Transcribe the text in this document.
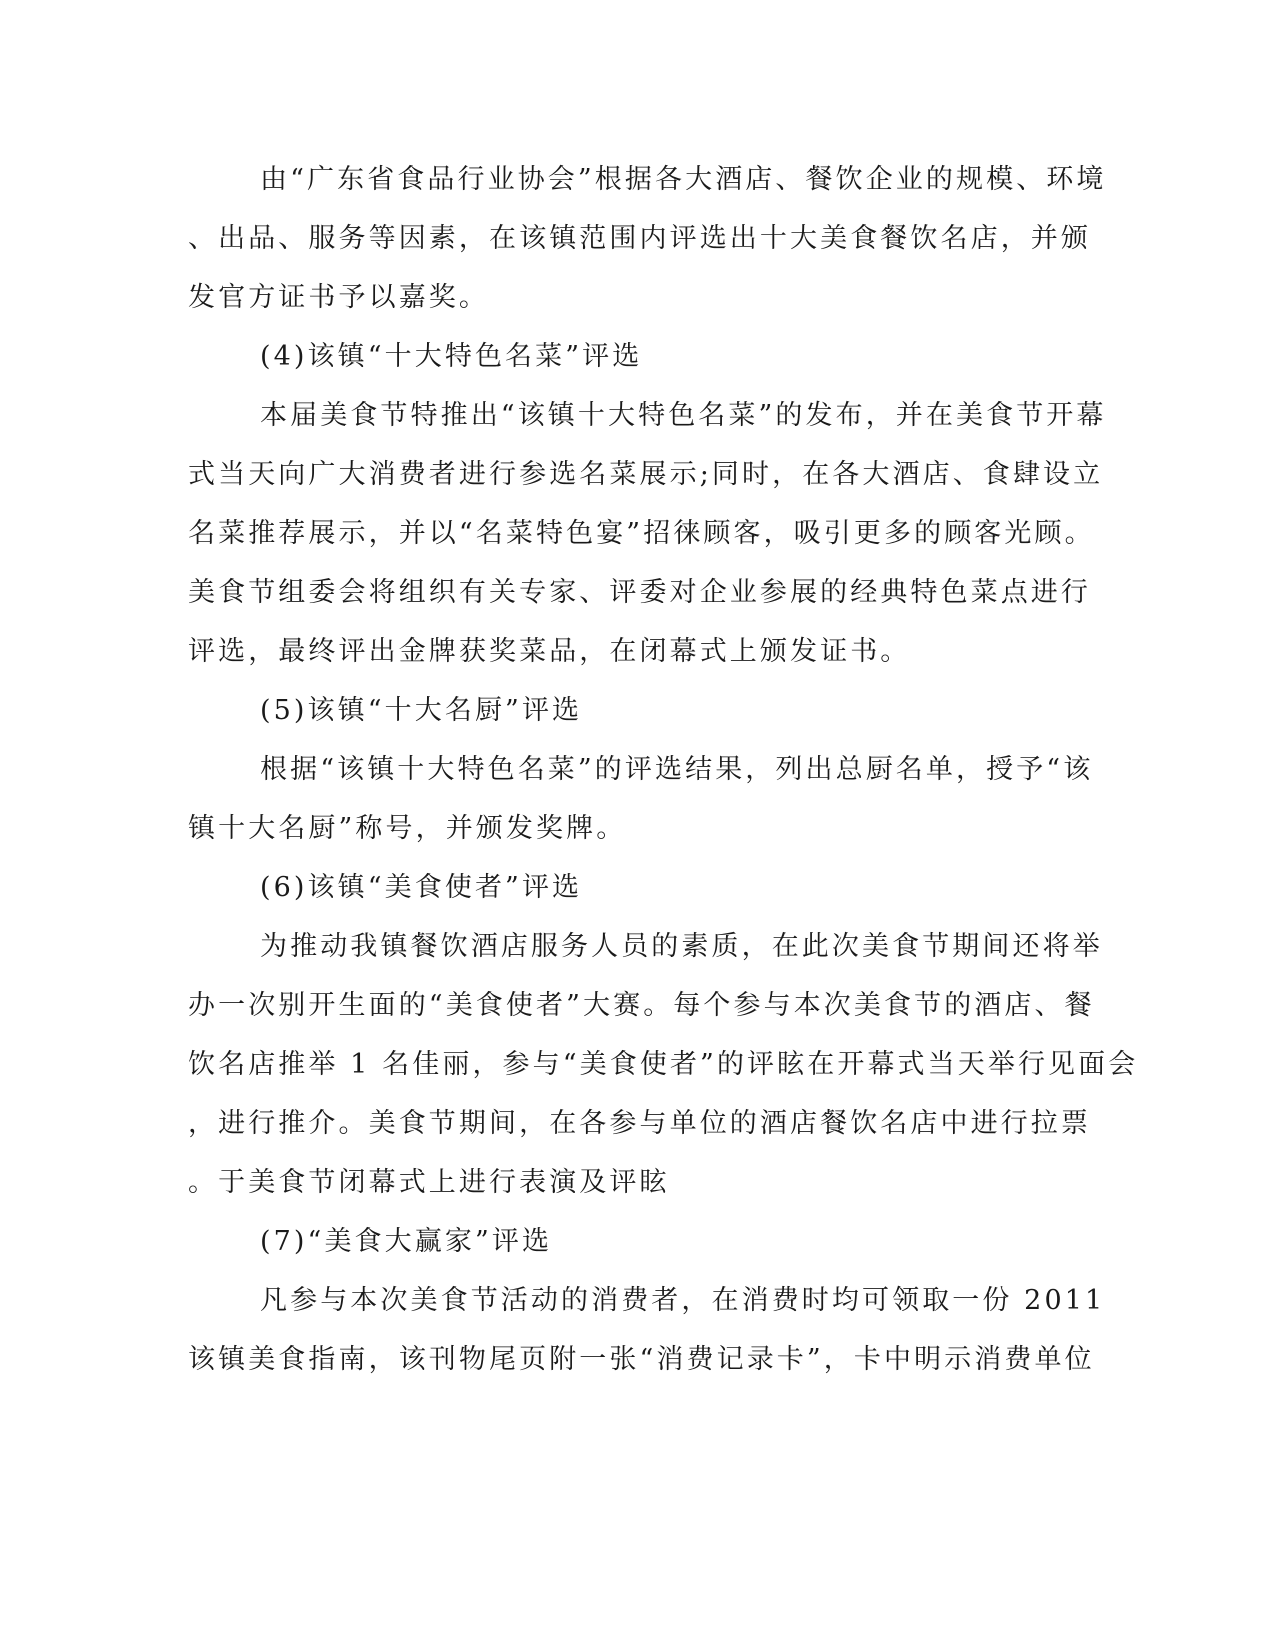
由“广东省食品行业协会”根据各大酒店、餐饮企业的规模、环境
、出品、服务等因素，在该镇范围内评选出十大美食餐饮名店，并颁
发官方证书予以嘉奖。
(4)该镇“十大特色名菜”评选
本届美食节特推出“该镇十大特色名菜”的发布，并在美食节开幕
式当天向广大消费者进行参选名菜展示;同时，在各大酒店、食肆设立
名菜推荐展示，并以“名菜特色宴”招徕顾客，吸引更多的顾客光顾。
美食节组委会将组织有关专家、评委对企业参展的经典特色菜点进行
评选，最终评出金牌获奖菜品，在闭幕式上颁发证书。
(5)该镇“十大名厨”评选
根据“该镇十大特色名菜”的评选结果，列出总厨名单，授予“该
镇十大名厨”称号，并颁发奖牌。
(6)该镇“美食使者”评选
为推动我镇餐饮酒店服务人员的素质，在此次美食节期间还将举
办一次别开生面的“美食使者”大赛。每个参与本次美食节的酒店、餐
饮名店推举 1 名佳丽，参与“美食使者”的评眩在开幕式当天举行见面会
，进行推介。美食节期间，在各参与单位的酒店餐饮名店中进行拉票
。于美食节闭幕式上进行表演及评眩
(7)“美食大赢家”评选
凡参与本次美食节活动的消费者，在消费时均可领取一份 2011
该镇美食指南，该刊物尾页附一张“消费记录卡”，卡中明示消费单位
